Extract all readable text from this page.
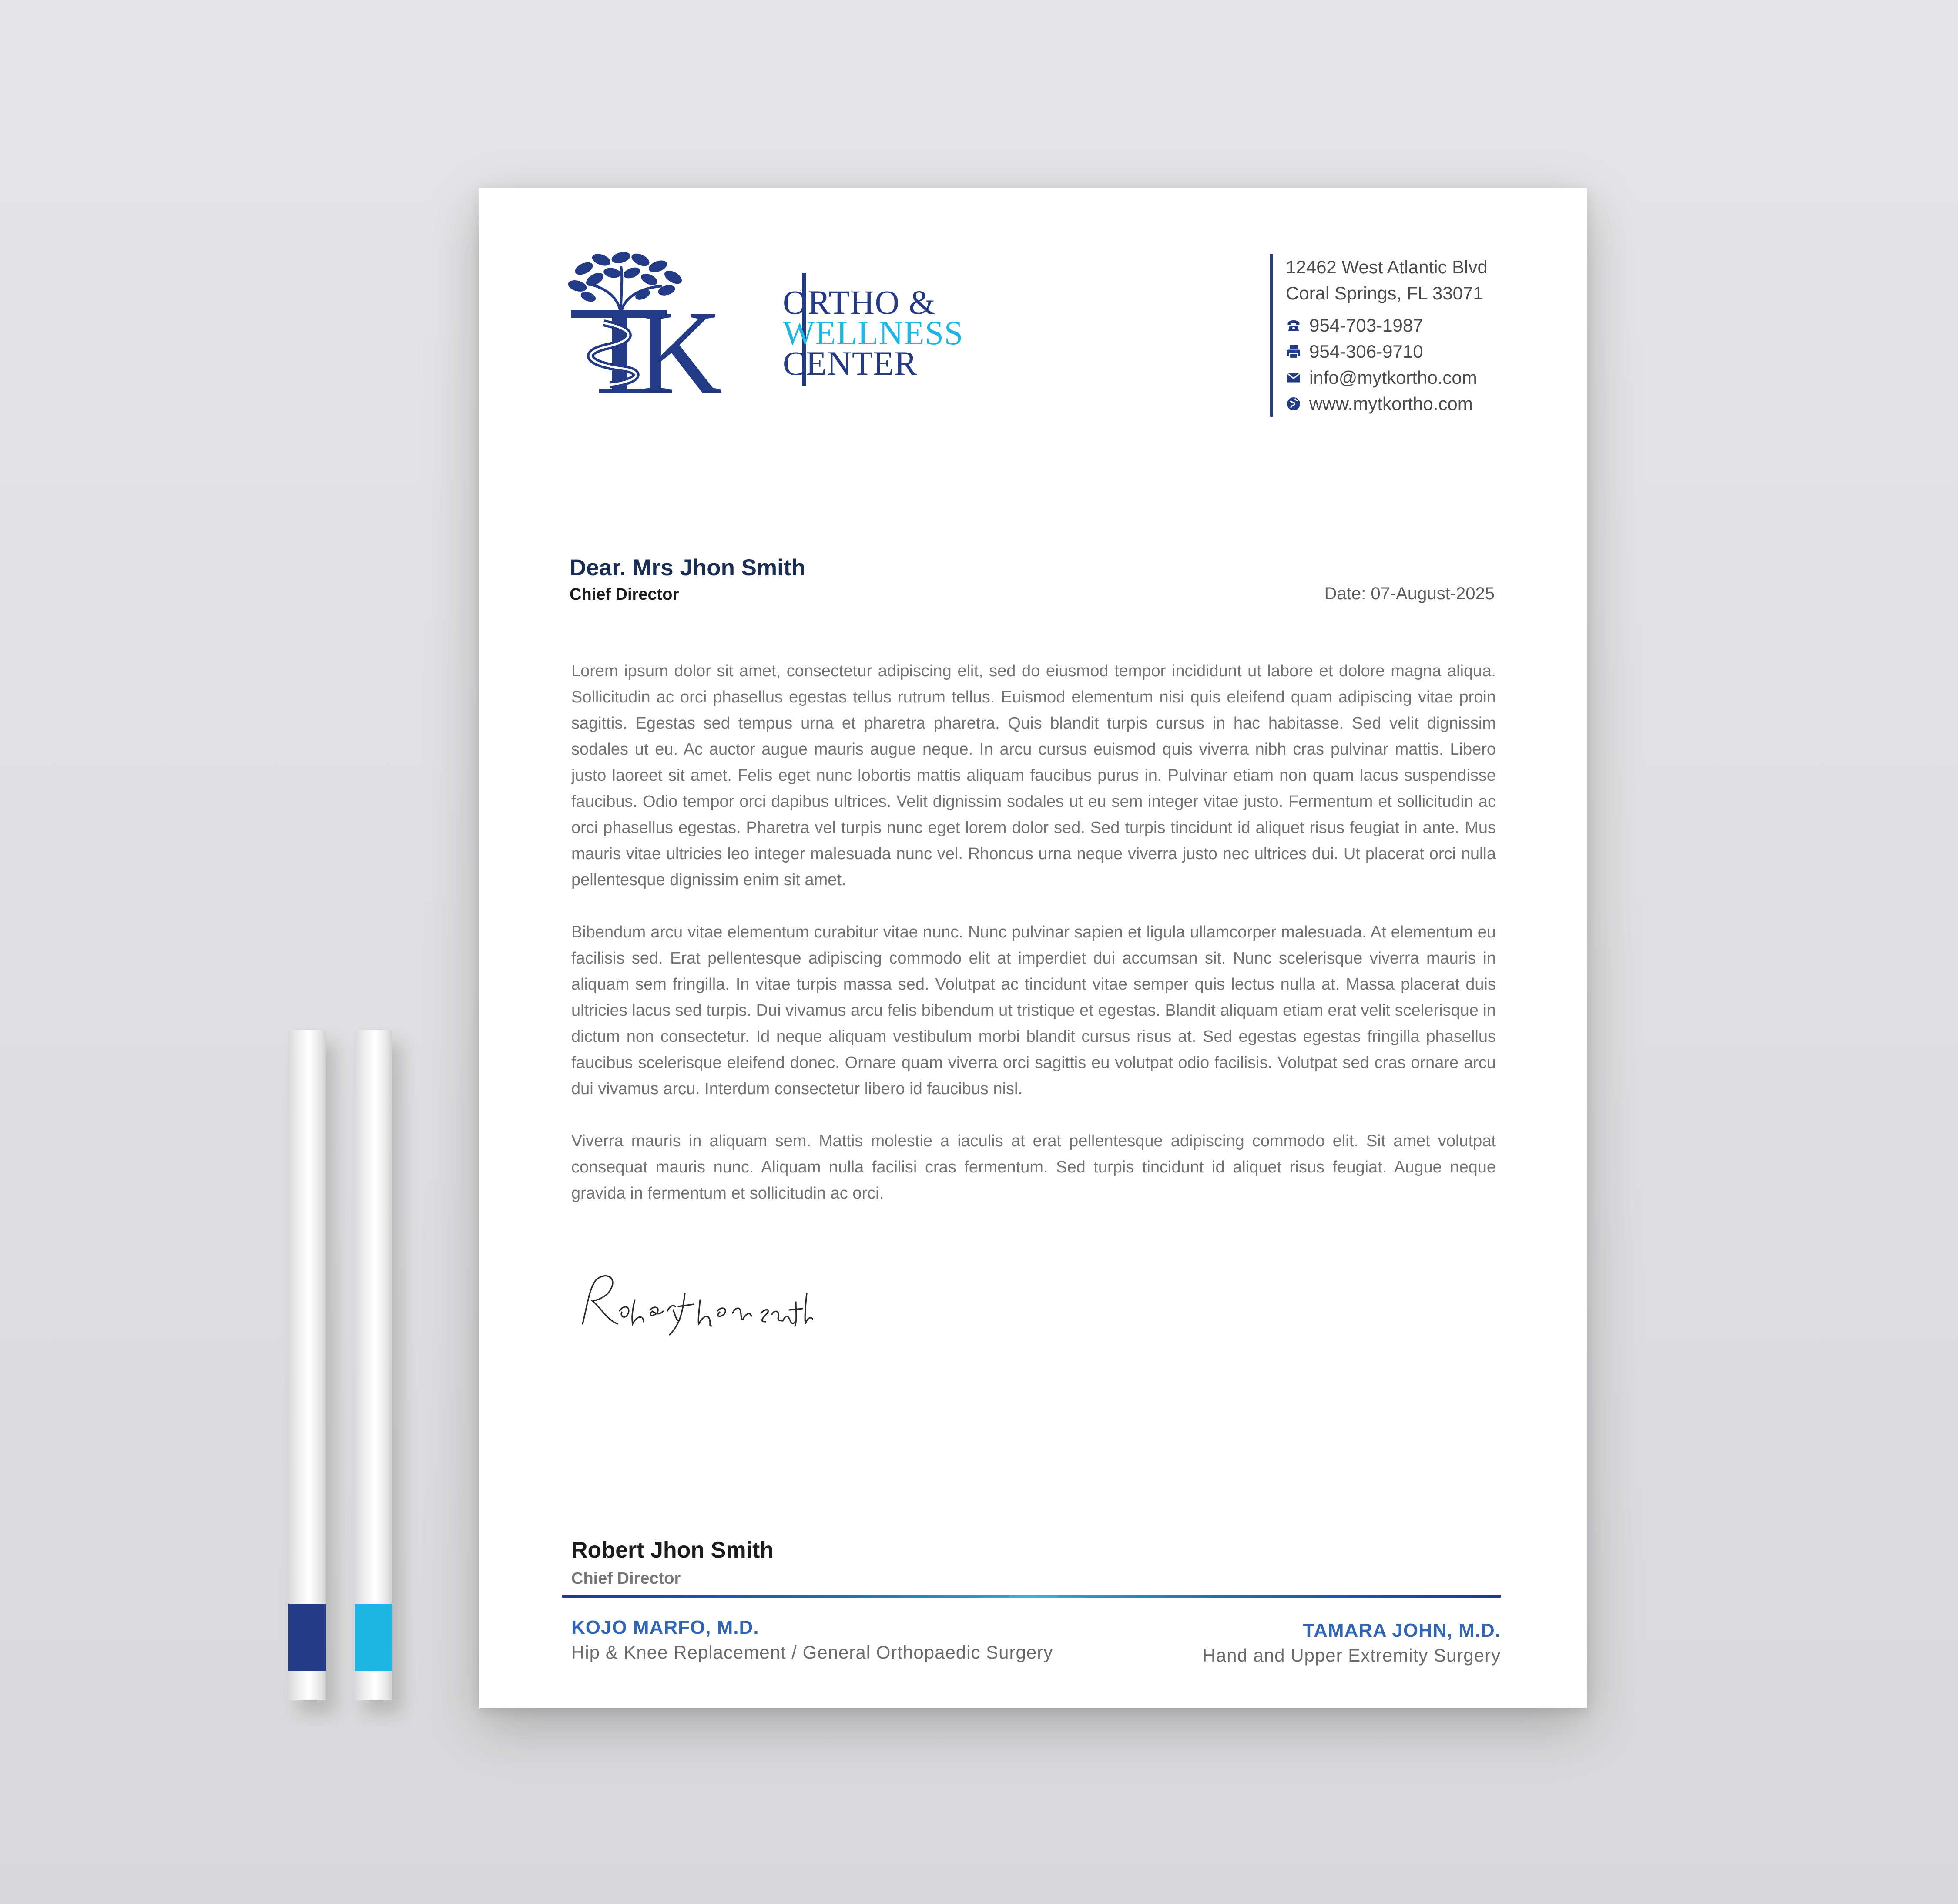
K ORTHO &
WELLNESS
CENTER
12462 West Atlantic Blvd
Coral Springs, FL 33071
954-703-1987
954-306-9710
info@mytkortho.com
www.mytkortho.com
Dear. Mrs Jhon Smith
Chief Director	Date: 07-August-2025

Lorem ipsum dolor sit amet, consectetur adipiscing elit, sed do eiusmod tempor incididunt ut labore et dolore magna aliqua. Sollicitudin ac orci phasellus egestas tellus rutrum tellus. Euismod elementum nisi quis eleifend quam adipiscing vitae proin sagittis. Egestas sed tempus urna et pharetra pharetra. Quis blandit turpis cursus in hac habitasse. Sed velit dignissim sodales ut eu. Ac auctor augue mauris augue neque. In arcu cursus euismod quis viverra nibh cras pulvinar mattis. Libero justo laoreet sit amet. Felis eget nunc lobortis mattis aliquam faucibus purus in. Pulvinar etiam non quam lacus suspendisse faucibus. Odio tempor orci dapibus ultrices. Velit dignissim sodales ut eu sem integer vitae justo. Fermentum et sollicitudin ac orci phasellus egestas. Pharetra vel turpis nunc eget lorem dolor sed. Sed turpis tincidunt id aliquet risus feugiat in ante. Mus mauris vitae ultricies leo integer malesuada nunc vel. Rhoncus urna neque viverra justo nec ultrices dui. Ut placerat orci nulla pellentesque dignissim enim sit amet.

Bibendum arcu vitae elementum curabitur vitae nunc. Nunc pulvinar sapien et ligula ullamcorper malesuada. At elementum eu facilisis sed. Erat pellentesque adipiscing commodo elit at imperdiet dui accumsan sit. Nunc scelerisque viverra mauris in aliquam sem fringilla. In vitae turpis massa sed. Volutpat ac tincidunt vitae semper quis lectus nulla at. Massa placerat duis ultricies lacus sed turpis. Dui vivamus arcu felis bibendum ut tristique et egestas. Blandit aliquam etiam erat velit scelerisque in dictum non consectetur. Id neque aliquam vestibulum morbi blandit cursus risus at. Sed egestas egestas fringilla phasellus faucibus scelerisque eleifend donec. Ornare quam viverra orci sagittis eu volutpat odio facilisis. Volutpat sed cras ornare arcu dui vivamus arcu. Interdum consectetur libero id faucibus nisl.

Viverra mauris in aliquam sem. Mattis molestie a iaculis at erat pellentesque adipiscing commodo elit. Sit amet volutpat consequat mauris nunc. Aliquam nulla facilisi cras fermentum. Sed turpis tincidunt id aliquet risus feugiat. Augue neque gravida in fermentum et sollicitudin ac orci.

Robert Jhon Smith
Chief Director
KOJO MARFO, M.D.
Hip & Knee Replacement / General Orthopaedic Surgery
TAMARA JOHN, M.D.
Hand and Upper Extremity Surgery
